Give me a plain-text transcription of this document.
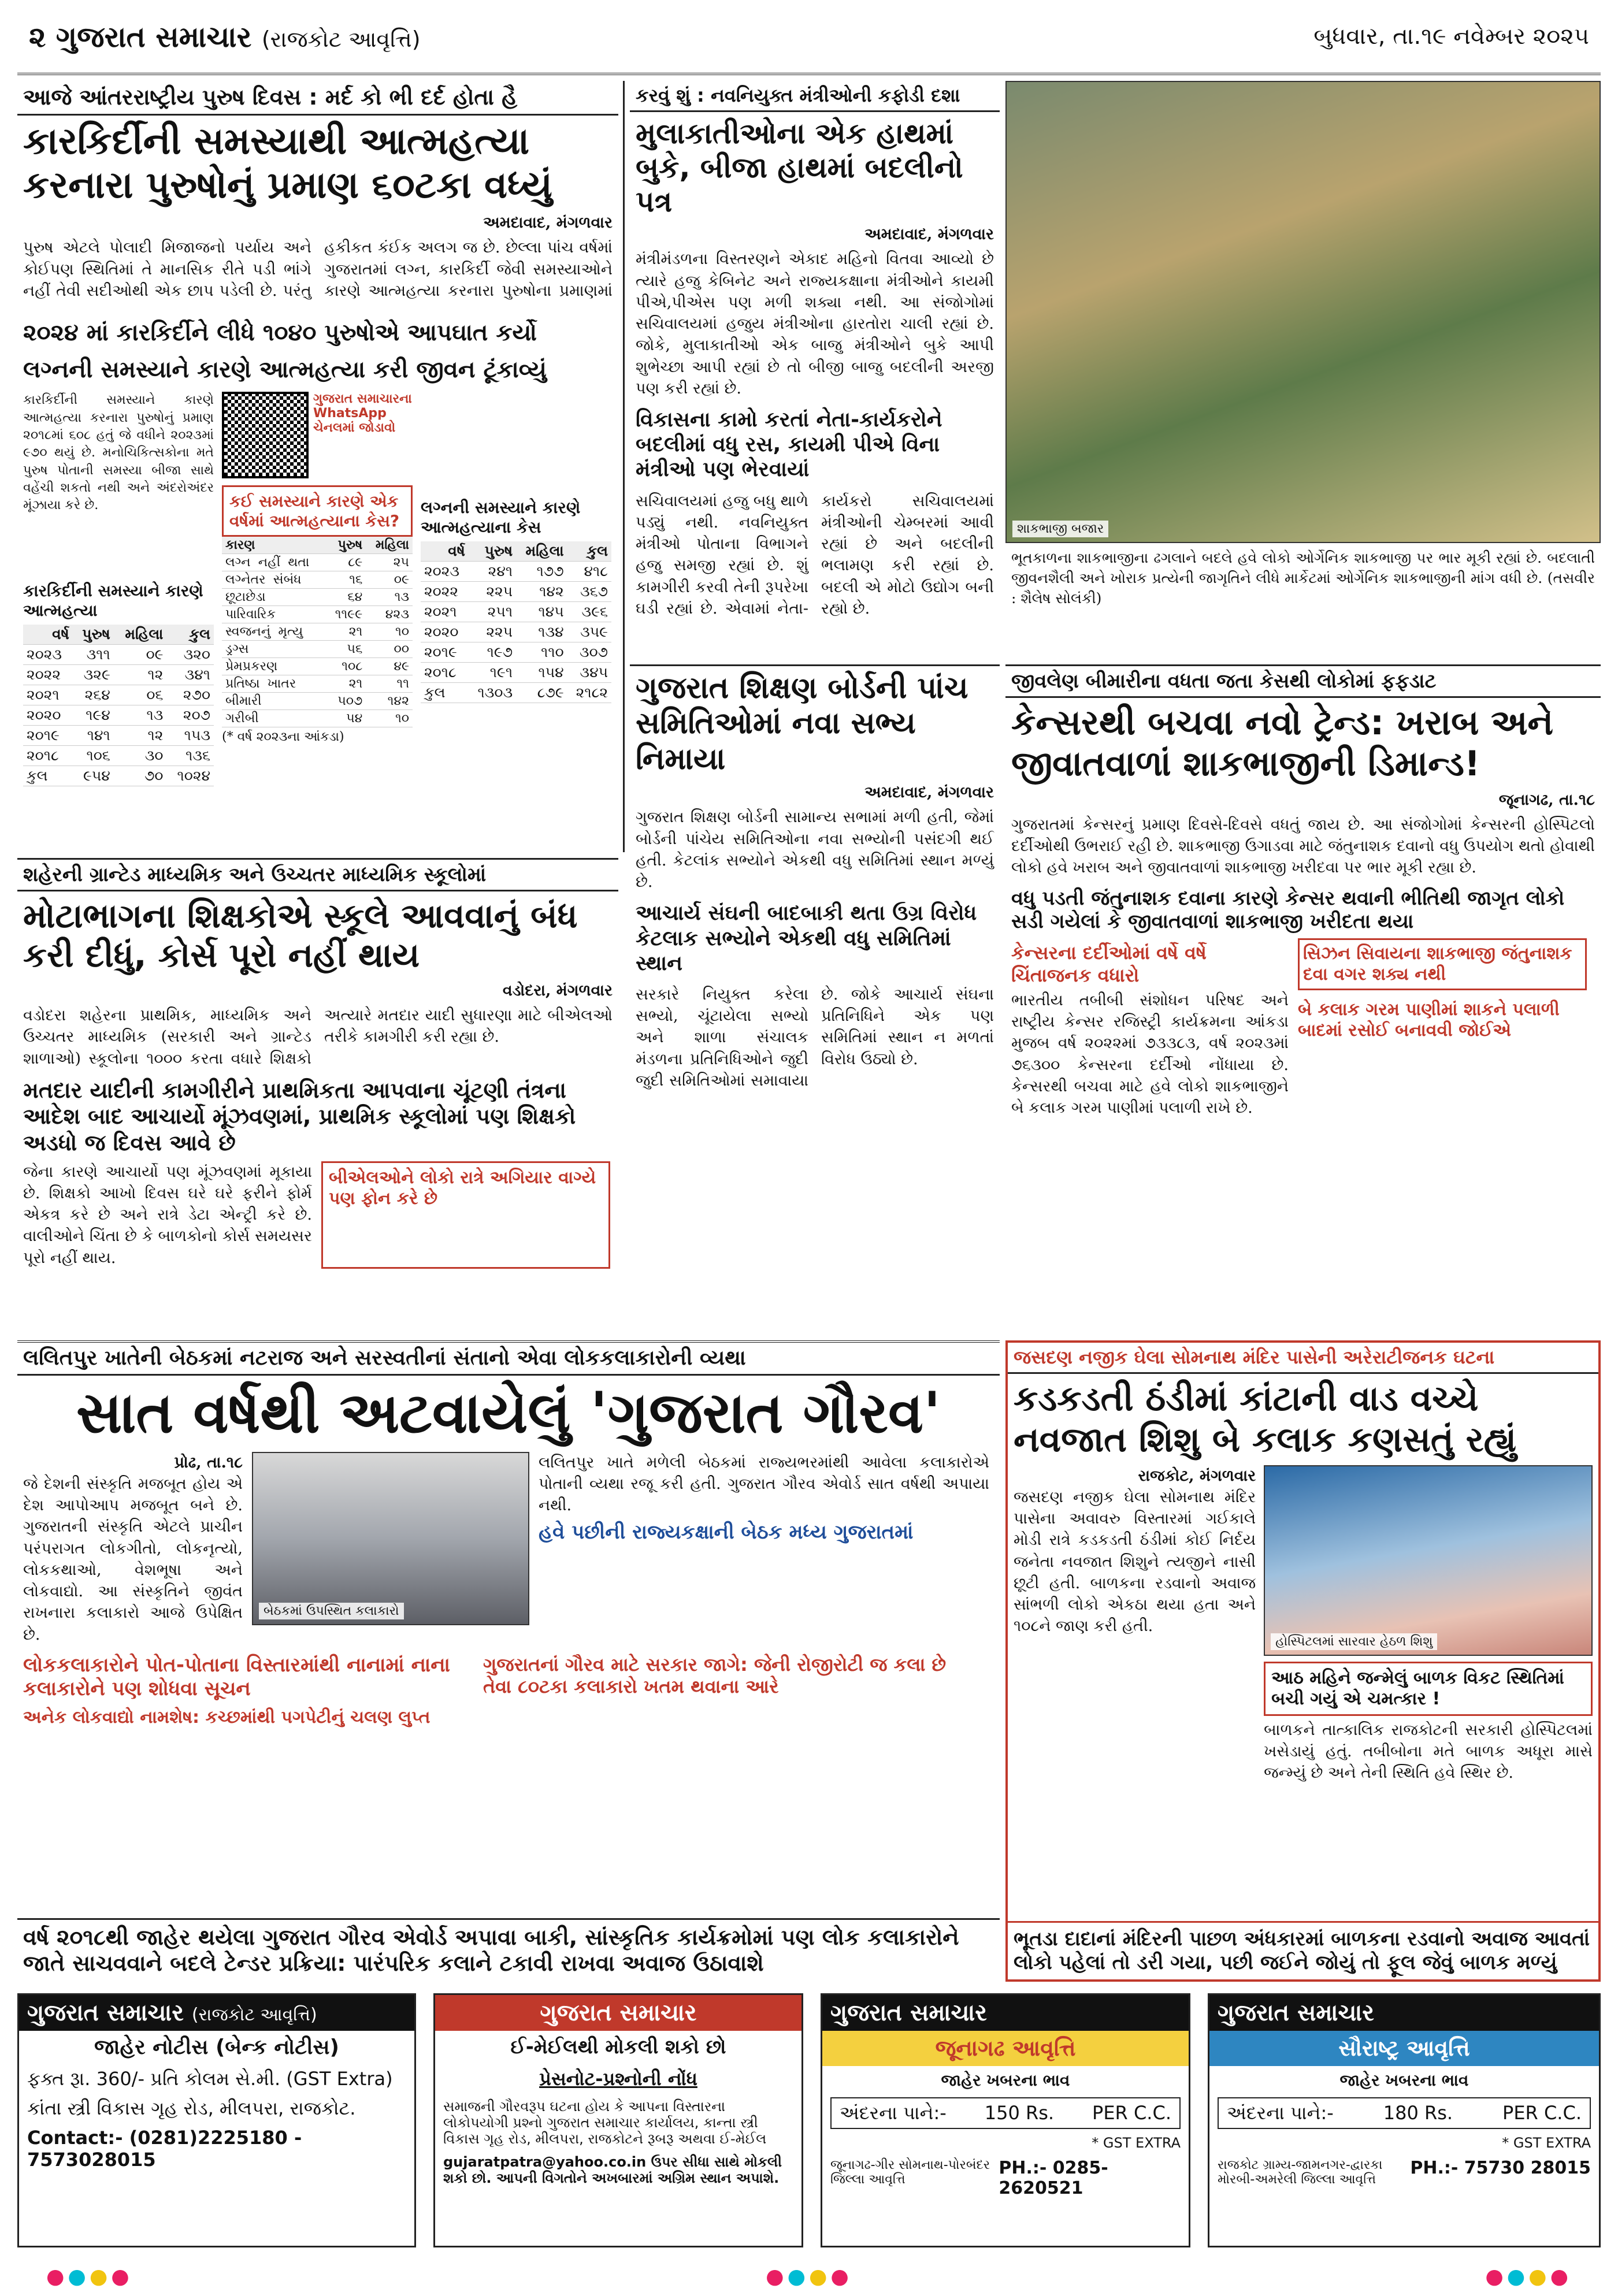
૨ ગુજરાત સમાચાર (રાજકોટ આવૃત્તિ)	બુધવાર, તા.૧૯ નવેમ્બર ૨૦૨૫
આજે આંતરરાષ્ટ્રીય પુરુષ દિવસ : મર્દ કો ભી દર્દ હોતા હૈ
કારકિર્દીની સમસ્યાથી આત્મહત્યા કરનારા પુરુષોનું પ્રમાણ ૬૦ટકા વધ્યું
અમદાવાદ, મંગળવાર
પુરુષ એટલે પોલાદી મિજાજનો પર્યાય અને કોઈપણ સ્થિતિમાં તે માનસિક રીતે પડી ભાંગે નહીં તેવી સદીઓથી એક છાપ પડેલી છે. પરંતુ હકીકત કંઈક અલગ જ છે. છેલ્લા પાંચ વર્ષમાં ગુજરાતમાં લગ્ન, કારકિર્દી જેવી સમસ્યાઓને કારણે આત્મહત્યા કરનારા પુરુષોના પ્રમાણમાં
૨૦૨૪ માં કારકિર્દીને લીધે ૧૦૪૦ પુરુષોએ આપઘાત કર્યો
લગ્નની સમસ્યાને કારણે આત્મહત્યા કરી જીવન ટૂંકાવ્યું
કારકિર્દીની સમસ્યાને કારણે આત્મહત્યા કરનારા પુરુષોનું પ્રમાણ ૨૦૧૮માં ૬૦૮ હતું જે વધીને ૨૦૨૩માં ૯૭૦ થયું છે. મનોચિકિત્સકોના મતે પુરુષ પોતાની સમસ્યા બીજા સાથે વહેંચી શકતો નથી અને અંદરોઅંદર મૂંઝાયા કરે છે.
કારકિર્દીની સમસ્યાને કારણે આત્મહત્યા
વર્ષ	પુરુષ	મહિલા	કુલ
૨૦૨૩	૩૧૧	૦૯	૩૨૦
૨૦૨૨	૩૨૯	૧૨	૩૪૧
૨૦૨૧	૨૬૪	૦૬	૨૭૦
૨૦૨૦	૧૯૪	૧૩	૨૦૭
૨૦૧૯	૧૪૧	૧૨	૧૫૩
૨૦૧૮	૧૦૬	૩૦	૧૩૬
કુલ	૯૫૪	૭૦	૧૦૨૪
ગુજરાત સમાચારના WhatsApp ચેનલમાં જોડાવો
કઈ સમસ્યાને કારણે એક વર્ષમાં આત્મહત્યાના કેસ?
કારણ	પુરુષ	મહિલા
લગ્ન નહીં થતા	૮૯	૨૫
લગ્નેતર સંબંધ	૧૬	૦૯
છૂટાછેડા	૬૪	૧૩
પારિવારિક	૧૧૯૯	૪૨૩
સ્વજનનું મૃત્યુ	૨૧	૧૦
ડ્રગ્સ	૫૬	૦૦
પ્રેમપ્રકરણ	૧૦૮	૪૯
પ્રતિષ્ઠા ખાતર	૨૧	૧૧
બીમારી	૫૦૭	૧૪૨
ગરીબી	૫૪	૧૦
(* વર્ષ ૨૦૨૩ના આંકડા)
લગ્નની સમસ્યાને કારણે આત્મહત્યાના કેસ
વર્ષ	પુરુષ	મહિલા	કુલ
૨૦૨૩	૨૪૧	૧૭૭	૪૧૮
૨૦૨૨	૨૨૫	૧૪૨	૩૬૭
૨૦૨૧	૨૫૧	૧૪૫	૩૯૬
૨૦૨૦	૨૨૫	૧૩૪	૩૫૯
૨૦૧૯	૧૯૭	૧૧૦	૩૦૭
૨૦૧૮	૧૯૧	૧૫૪	૩૪૫
કુલ	૧૩૦૩	૮૭૯	૨૧૮૨
કરવું શું : નવનિયુક્ત મંત્રીઓની કફોડી દશા
મુલાકાતીઓના એક હાથમાં બુકે, બીજા હાથમાં બદલીનો પત્ર
અમદાવાદ, મંગળવાર
મંત્રીમંડળના વિસ્તરણને એકાદ મહિનો વિતવા આવ્યો છે ત્યારે હજુ કેબિનેટ અને રાજ્યકક્ષાના મંત્રીઓને કાયમી પીએ,પીએસ પણ મળી શક્યા નથી. આ સંજોગોમાં સચિવાલયમાં હજુય મંત્રીઓના હારતોરા ચાલી રહ્યાં છે. જોકે, મુલાકાતીઓ એક બાજુ મંત્રીઓને બુકે આપી શુભેચ્છા આપી રહ્યાં છે તો બીજી બાજુ બદલીની અરજી પણ કરી રહ્યાં છે.
વિકાસના કામો કરતાં નેતા-કાર્યકરોને બદલીમાં વધુ રસ, કાયમી પીએ વિના મંત્રીઓ પણ ભેરવાયાં
સચિવાલયમાં હજુ બધુ થાળે પડ્યું નથી. નવનિયુક્ત મંત્રીઓ પોતાના વિભાગને હજુ સમજી રહ્યાં છે. શું કામગીરી કરવી તેની રૂપરેખા ઘડી રહ્યાં છે. એવામાં નેતા-કાર્યકરો સચિવાલયમાં મંત્રીઓની ચેમ્બરમાં આવી રહ્યાં છે અને બદલીની ભલામણ કરી રહ્યાં છે. બદલી એ મોટો ઉદ્યોગ બની રહ્યો છે.
શાકભાજી બજાર
ભૂતકાળના શાકભાજીના ઢગલાને બદલે હવે લોકો ઓર્ગેનિક શાકભાજી પર ભાર મૂકી રહ્યાં છે. બદલાતી જીવનશૈલી અને ખોરાક પ્રત્યેની જાગૃતિને લીધે માર્કેટમાં ઓર્ગેનિક શાકભાજીની માંગ વધી છે. (તસવીર : શૈલેષ સોલંકી)
ગુજરાત શિક્ષણ બોર્ડની પાંચ સમિતિઓમાં નવા સભ્ય નિમાયા
અમદાવાદ, મંગળવાર
ગુજરાત શિક્ષણ બોર્ડની સામાન્ય સભામાં મળી હતી, જેમાં બોર્ડની પાંચેય સમિતિઓના નવા સભ્યોની પસંદગી થઈ હતી. કેટલાંક સભ્યોને એકથી વધુ સમિતિમાં સ્થાન મળ્યું છે.
આચાર્ય સંઘની બાદબાકી થતા ઉગ્ર વિરોધ કેટલાક સભ્યોને એકથી વધુ સમિતિમાં સ્થાન
સરકારે નિયુક્ત કરેલા સભ્યો, ચૂંટાયેલા સભ્યો અને શાળા સંચાલક મંડળના પ્રતિનિધિઓને જુદી જુદી સમિતિઓમાં સમાવાયા છે. જોકે આચાર્ય સંઘના પ્રતિનિધિને એક પણ સમિતિમાં સ્થાન ન મળતાં વિરોધ ઉઠ્યો છે.
જીવલેણ બીમારીના વધતા જતા કેસથી લોકોમાં ફફડાટ
કેન્સરથી બચવા નવો ટ્રેન્ડ: ખરાબ અને જીવાતવાળાં શાકભાજીની ડિમાન્ડ!
જૂનાગઢ, તા.૧૮
ગુજરાતમાં કેન્સરનું પ્રમાણ દિવસે-દિવસે વધતું જાય છે. આ સંજોગોમાં કેન્સરની હોસ્પિટલો દર્દીઓથી ઉભરાઈ રહી છે. શાકભાજી ઉગાડવા માટે જંતુનાશક દવાનો વધુ ઉપયોગ થતો હોવાથી લોકો હવે ખરાબ અને જીવાતવાળાં શાકભાજી ખરીદવા પર ભાર મૂકી રહ્યા છે.
વધુ પડતી જંતુનાશક દવાના કારણે કેન્સર થવાની ભીતિથી જાગૃત લોકો સડી ગયેલાં કે જીવાતવાળાં શાકભાજી ખરીદતા થયા
કેન્સરના દર્દીઓમાં વર્ષે વર્ષે ચિંતાજનક વધારો
ભારતીય તબીબી સંશોધન પરિષદ અને રાષ્ટ્રીય કેન્સર રજિસ્ટ્રી કાર્યક્રમના આંકડા મુજબ વર્ષ ૨૦૨૨માં ૭૩૩૮૩, વર્ષ ૨૦૨૩માં ૭૬૩૦૦ કેન્સરના દર્દીઓ નોંધાયા છે. કેન્સરથી બચવા માટે હવે લોકો શાકભાજીને બે કલાક ગરમ પાણીમાં પલાળી રાખે છે.
સિઝન સિવાયના શાકભાજી જંતુનાશક દવા વગર શક્ય નથી
બે કલાક ગરમ પાણીમાં શાકને પલાળી બાદમાં રસોઈ બનાવવી જોઈએ
શહેરની ગ્રાન્ટેડ માધ્યમિક અને ઉચ્ચતર માધ્યમિક સ્કૂલોમાં
મોટાભાગના શિક્ષકોએ સ્કૂલે આવવાનું બંધ કરી દીધું, કોર્સ પૂરો નહીં થાય
વડોદરા, મંગળવાર
વડોદરા શહેરના પ્રાથમિક, માધ્યમિક અને ઉચ્ચતર માધ્યમિક (સરકારી અને ગ્રાન્ટેડ શાળાઓ) સ્કૂલોના ૧૦૦૦ કરતા વધારે શિક્ષકો અત્યારે મતદાર યાદી સુધારણા માટે બીએલઓ તરીકે કામગીરી કરી રહ્યા છે.
મતદાર યાદીની કામગીરીને પ્રાથમિકતા આપવાના ચૂંટણી તંત્રના આદેશ બાદ આચાર્યો મૂંઝવણમાં, પ્રાથમિક સ્કૂલોમાં પણ શિક્ષકો અડધો જ દિવસ આવે છે
જેના કારણે આચાર્યો પણ મૂંઝવણમાં મૂકાયા છે. શિક્ષકો આખો દિવસ ઘરે ઘરે ફરીને ફોર્મ એકત્ર કરે છે અને રાત્રે ડેટા એન્ટ્રી કરે છે. વાલીઓને ચિંતા છે કે બાળકોનો કોર્સ સમયસર પૂરો નહીં થાય.
બીએલઓને લોકો રાત્રે અગિયાર વાગ્યે પણ ફોન કરે છે
લલિતપુર ખાતેની બેઠકમાં નટરાજ અને સરસ્વતીનાં સંતાનો એવા લોકકલાકારોની વ્યથા
સાત વર્ષથી અટવાયેલું 'ગુજરાત ગૌરવ'
પ્રોઢ, તા.૧૮
જે દેશની સંસ્કૃતિ મજબૂત હોય એ દેશ આપોઆપ મજબૂત બને છે. ગુજરાતની સંસ્કૃતિ એટલે પ્રાચીન પરંપરાગત લોકગીતો, લોકનૃત્યો, લોકકથાઓ, વેશભૂષા અને લોકવાદ્યો. આ સંસ્કૃતિને જીવંત રાખનારા કલાકારો આજે ઉપેક્ષિત છે.
બેઠકમાં ઉપસ્થિત કલાકારો
લલિતપુર ખાતે મળેલી બેઠકમાં રાજ્યભરમાંથી આવેલા કલાકારોએ પોતાની વ્યથા રજૂ કરી હતી. ગુજરાત ગૌરવ એવોર્ડ સાત વર્ષથી અપાયા નથી.
હવે પછીની રાજ્યકક્ષાની બેઠક મધ્ય ગુજરાતમાં
લોકકલાકારોને પોત-પોતાના વિસ્તારમાંથી નાનામાં નાના કલાકારોને પણ શોધવા સૂચન
અનેક લોકવાદ્યો નામશેષ: કચ્છમાંથી પગપેટીનું ચલણ લુપ્ત
ગુજરાતનાં ગૌરવ માટે સરકાર જાગે: જેની રોજીરોટી જ કલા છે તેવા ૮૦ટકા કલાકારો ખતમ થવાના આરે
વર્ષ ૨૦૧૮થી જાહેર થયેલા ગુજરાત ગૌરવ એવોર્ડ અપાવા બાકી, સાંસ્કૃતિક કાર્યક્રમોમાં પણ લોક કલાકારોને જાતે સાચવવાને બદલે ટેન્ડર પ્રક્રિયા: પારંપરિક કલાને ટકાવી રાખવા અવાજ ઉઠાવાશે
જસદણ નજીક ઘેલા સોમનાથ મંદિર પાસેની અરેરાટીજનક ઘટના
કડકડતી ઠંડીમાં કાંટાની વાડ વચ્ચે નવજાત શિશુ બે કલાક કણસતું રહ્યું
રાજકોટ, મંગળવાર
જસદણ નજીક ઘેલા સોમનાથ મંદિર પાસેના અવાવરુ વિસ્તારમાં ગઈકાલે મોડી રાત્રે કડકડતી ઠંડીમાં કોઈ નિર્દય જનેતા નવજાત શિશુને ત્યજીને નાસી છૂટી હતી. બાળકના રડવાનો અવાજ સાંભળી લોકો એકઠા થયા હતા અને ૧૦૮ને જાણ કરી હતી.
હોસ્પિટલમાં સારવાર હેઠળ શિશુ
આઠ મહિને જન્મેલું બાળક વિકટ સ્થિતિમાં બચી ગયું એ ચમત્કાર !
બાળકને તાત્કાલિક રાજકોટની સરકારી હોસ્પિટલમાં ખસેડાયું હતું. તબીબોના મતે બાળક અધૂરા માસે જન્મ્યું છે અને તેની સ્થિતિ હવે સ્થિર છે.
ભૂતડા દાદાનાં મંદિરની પાછળ અંધકારમાં બાળકના રડવાનો અવાજ આવતાં લોકો પહેલાં તો ડરી ગયા, પછી જઈને જોયું તો ફૂલ જેવું બાળક મળ્યું
ગુજરાત સમાચાર (રાજકોટ આવૃત્તિ)
જાહેર નોટીસ (બેન્ક નોટીસ)
ફક્ત રૂા. 360/- પ્રતિ કોલમ સે.મી. (GST Extra)
કાંતા સ્ત્રી વિકાસ ગૃહ રોડ, મીલપરા, રાજકોટ.
Contact:- (0281)2225180 - 7573028015
ગુજરાત સમાચાર
ઈ-મેઈલથી મોકલી શકો છો
પ્રેસનોટ-પ્રશ્નોની નોંધ
સમાજની ગૌરવરૂપ ઘટના હોય કે આપના વિસ્તારના લોકોપયોગી પ્રશ્નો ગુજરાત સમાચાર કાર્યાલય, કાન્તા સ્ત્રી વિકાસ ગૃહ રોડ, મીલપરા, રાજકોટને રૂબરૂ અથવા ઈ-મેઈલ
gujaratpatra@yahoo.co.in ઉપર સીધા સાથે મોકલી શકો છો. આપની વિગતોને અખબારમાં અગ્રિમ સ્થાન અપાશે.
ગુજરાત સમાચાર
જૂનાગઢ આવૃત્તિ
જાહેર ખબરના ભાવ
અંદરના પાને:- 150 Rs. PER C.C.
* GST EXTRA
જૂનાગઢ-ગીર સોમનાથ-પોરબંદર જિલ્લા આવૃત્તિ
PH.:- 0285-2620521
ગુજરાત સમાચાર
સૌરાષ્ટ્ર આવૃત્તિ
જાહેર ખબરના ભાવ
અંદરના પાને:-	180 Rs.	PER C.C.
* GST EXTRA
રાજકોટ ગ્રામ્ય-જામનગર-દ્વારકા મોરબી-અમરેલી જિલ્લા આવૃત્તિ
PH.:- 75730 28015
●●●●	●●●●	●●●●
